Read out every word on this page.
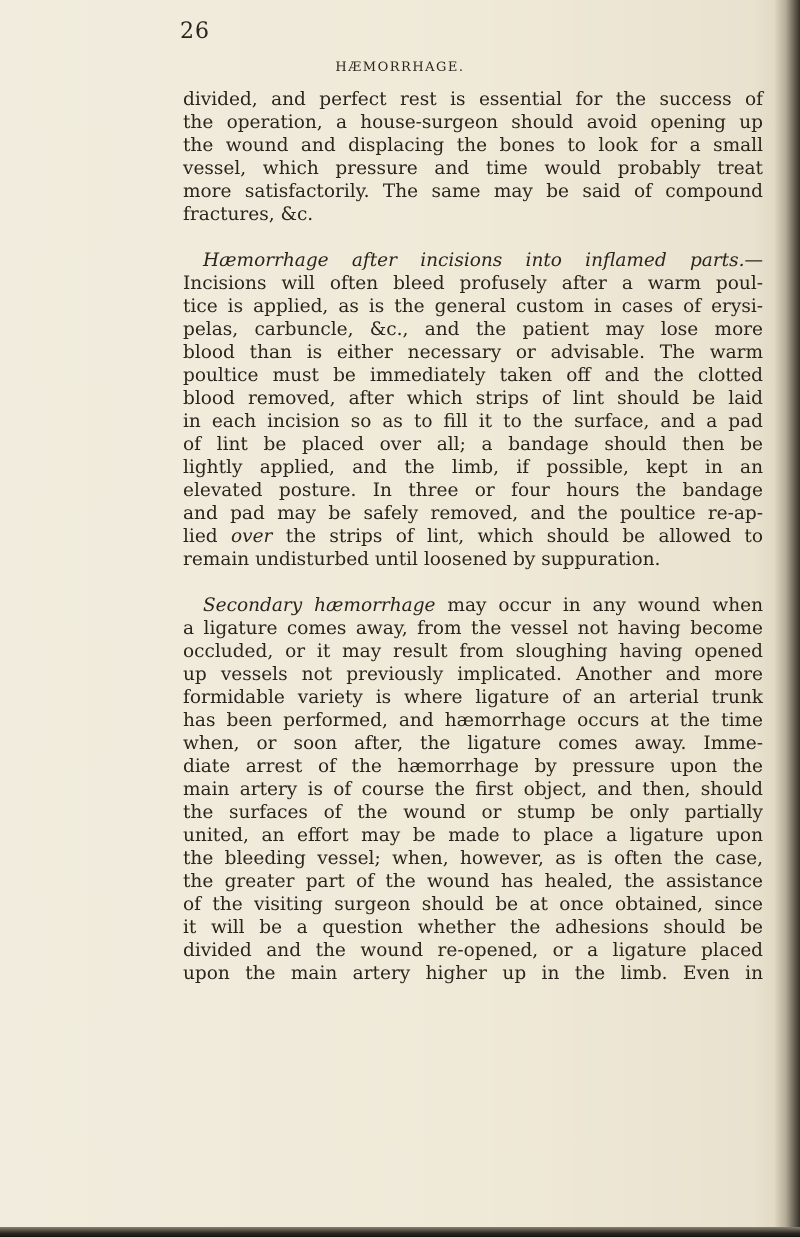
26
HÆMORRHAGE.
divided, and perfect rest is essential for the success of
the operation, a house-surgeon should avoid opening up
the wound and displacing the bones to look for a small
vessel, which pressure and time would probably treat
more satisfactorily. The same may be said of compound
fractures, &c.
Hæmorrhage after incisions into inflamed parts.—
Incisions will often bleed profusely after a warm poul-
tice is applied, as is the general custom in cases of erysi-
pelas, carbuncle, &c., and the patient may lose more
blood than is either necessary or advisable. The warm
poultice must be immediately taken off and the clotted
blood removed, after which strips of lint should be laid
in each incision so as to fill it to the surface, and a pad
of lint be placed over all; a bandage should then be
lightly applied, and the limb, if possible, kept in an
elevated posture. In three or four hours the bandage
and pad may be safely removed, and the poultice re-ap-
lied over the strips of lint, which should be allowed to
remain undisturbed until loosened by suppuration.
Secondary hæmorrhage may occur in any wound when
a ligature comes away, from the vessel not having become
occluded, or it may result from sloughing having opened
up vessels not previously implicated. Another and more
formidable variety is where ligature of an arterial trunk
has been performed, and hæmorrhage occurs at the time
when, or soon after, the ligature comes away. Imme-
diate arrest of the hæmorrhage by pressure upon the
main artery is of course the first object, and then, should
the surfaces of the wound or stump be only partially
united, an effort may be made to place a ligature upon
the bleeding vessel; when, however, as is often the case,
the greater part of the wound has healed, the assistance
of the visiting surgeon should be at once obtained, since
it will be a question whether the adhesions should be
divided and the wound re-opened, or a ligature placed
upon the main artery higher up in the limb. Even in
